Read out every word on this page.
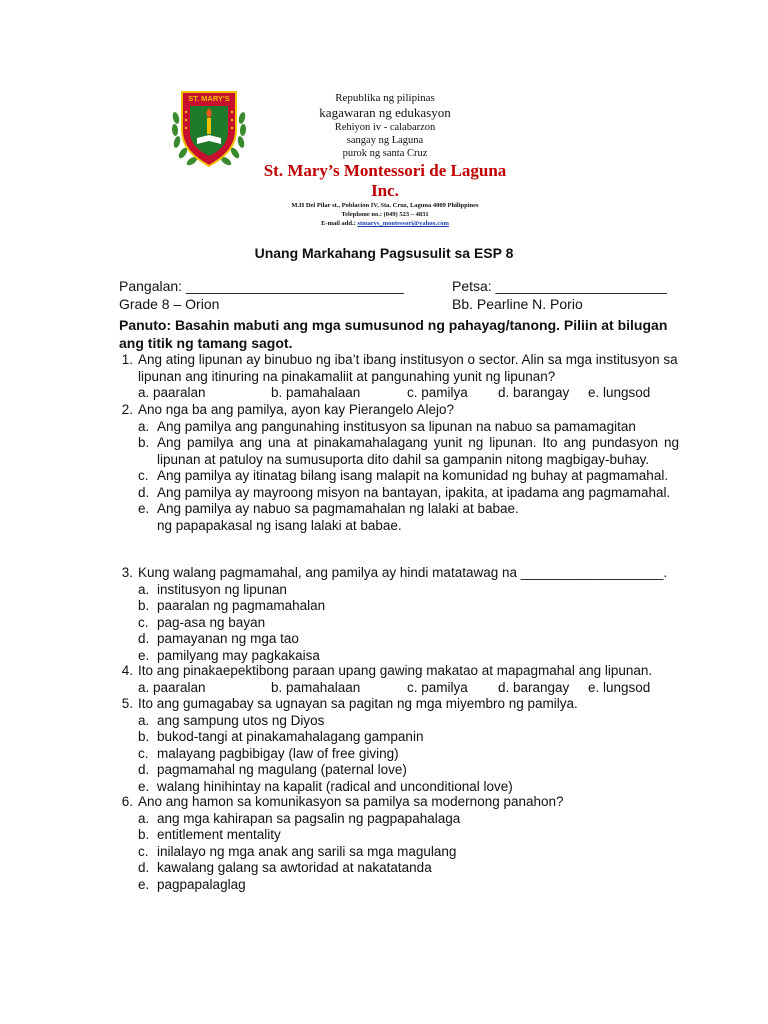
ST. MARY'S	Republika ng pilipinas
kagawaran ng edukasyon
Rehiyon iv - calabarzon
sangay ng Laguna
purok ng santa Cruz
St. Mary’s Montessori de Laguna Inc.
M.H Del Pilar st., Poblacion IV, Sta. Cruz, Laguna 4009 Philippines
Telephone no.: (049) 523 – 4831
E-mail add.: stmarys_montessori@yahoo.com
Unang Markahang Pagsusulit sa ESP 8
Pangalan: ____________________________	Petsa: ______________________
Grade 8 – Orion	Bb. Pearline N. Porio
Panuto: Basahin mabuti ang mga sumusunod ng pahayag/tanong. Piliin at bilugan ang titik ng tamang sagot.
1. Ang ating lipunan ay binubuo ng iba’t ibang institusyon o sector. Alin sa mga institusyon sa lipunan ang itinuring na pinakamaliit at pangunahing yunit ng lipunan?
a. paaralan	b. pamahalaan	c. pamilya	d. barangay	e. lungsod
2. Ano nga ba ang pamilya, ayon kay Pierangelo Alejo?
a. Ang pamilya ang pangunahing institusyon sa lipunan na nabuo sa pamamagitan
b. Ang pamilya ang una at pinakamahalagang yunit ng lipunan. Ito ang pundasyon ng lipunan at patuloy na sumusuporta dito dahil sa gampanin nitong magbigay-buhay.
c. Ang pamilya ay itinatag bilang isang malapit na komunidad ng buhay at pagmamahal.
d. Ang pamilya ay mayroong misyon na bantayan, ipakita, at ipadama ang pagmamahal.
e. Ang pamilya ay nabuo sa pagmamahalan ng lalaki at babae.
ng papapakasal ng isang lalaki at babae.
3. Kung walang pagmamahal, ang pamilya ay hindi matatawag na ___________________.
a. institusyon ng lipunan
b. paaralan ng pagmamahalan
c. pag-asa ng bayan
d. pamayanan ng mga tao
e. pamilyang may pagkakaisa
4. Ito ang pinakaepektibong paraan upang gawing makatao at mapagmahal ang lipunan.
a. paaralan	b. pamahalaan	c. pamilya	d. barangay	e. lungsod
5. Ito ang gumagabay sa ugnayan sa pagitan ng mga miyembro ng pamilya.
a. ang sampung utos ng Diyos
b. bukod-tangi at pinakamahalagang gampanin
c. malayang pagbibigay (law of free giving)
d. pagmamahal ng magulang (paternal love)
e. walang hinihintay na kapalit (radical and unconditional love)
6. Ano ang hamon sa komunikasyon sa pamilya sa modernong panahon?
a. ang mga kahirapan sa pagsalin ng pagpapahalaga
b. entitlement mentality
c. inilalayo ng mga anak ang sarili sa mga magulang
d. kawalang galang sa awtoridad at nakatatanda
e. pagpapalaglag
